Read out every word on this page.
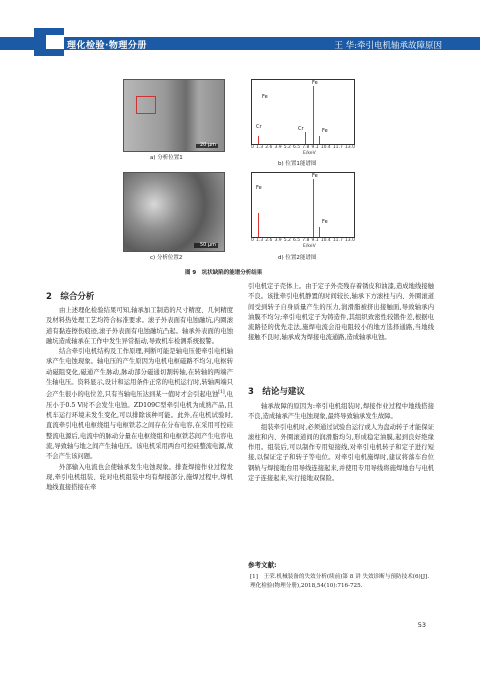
理化检验·物理分册	王 华:牵引电机轴承故障原因
20 μm
a) 分析位置1
Fe
Fe
Cr	Cr	Fe
0 1.3 2.6 3.9 5.2 6.5 7.8 9.1 10.4 11.7 13.0
E/keV
b) 位置1能谱图
50 μm
c) 分析位置2
Fe
Fe
Fe
0 1.3 2.6 3.9 5.2 6.5 7.8 9.1 10.4 11.7 13.0
E/keV
d) 位置2能谱图
图 9　坑状缺陷的能谱分析结果
2　综合分析

由上述理化检验结果可知,轴承加工制造的尺寸精度、几何精度及材料热处理工艺均符合标准要求。滚子外表面有电蚀融坑,内圈滚道有黏连擦伤痕迹,滚子外表面有电蚀融坑凸起。轴承外表面的电蚀融坑造成轴承在工作中发生异常振动,导致机车检测系统报警。

结合牵引电机结构及工作原理,判断可能是轴电压使牵引电机轴承产生电蚀现象。轴电压的产生原因为电机电枢磁路不均匀,电枢转动磁阻变化,磁通产生脉动,脉动部分磁通切割转轴,在转轴的两端产生轴电压。资料显示,设计和运用条件正常的电机运行时,转轴两端只会产生很小的电位差,只有当轴电压达到某一值时才会引起电蚀[1],电压小于0.5 V时不会发生电蚀。ZD109C型牵引电机为成熟产品,且机车运行环境未发生变化,可以排除该种可能。此外,在电机试验时,直流牵引电机电枢绕组与电枢铁芯之间存在分布电容,在采用可控硅整流电源后,电流中的脉动分量在电枢绕组和电枢铁芯间产生电容电流,导致轴与地之间产生轴电压。该电机采用两台可控硅整流电源,故不会产生该问题。

外部输入电流也会使轴承发生电蚀现象。排查焊接作业过程发现,牵引电机组装、轮对电机组装中均有焊接部分,施焊过程中,焊机地线直接搭接在牵

引电机定子壳体上。由于定子外壳残存着锈皮和油漆,造成地线接触不良。该批牵引电机静置的时间较长,轴承下方滚柱与内、外圈滚道间受到转子自身质量产生的压力,润滑脂被挤出接触面,导致轴承内油膜不均匀;牵引电机定子为铸造件,其组织致密性较锻件差,根据电流路径的优先走法,施焊电流会沿电阻较小的地方选择通路,当地线接触不良时,轴承成为焊接电流通路,造成轴承电蚀。

3　结论与建议

轴承故障的原因为:牵引电机组装时,焊接作业过程中地线搭接不良,造成轴承产生电蚀现象,最终导致轴承发生故障。

组装牵引电机时,必须通过试验台运行或人为盘动转子才能保证滚柱和内、外圈滚道间的润滑脂均匀,形成稳定油膜,起到良好绝缘作用。组装后,可以制作专用短接线,对牵引电机转子和定子进行短接,以保证定子和转子等电位。对牵引电机施焊时,建议将落车台位钢轨与焊接地台用导线连接起来,并使用专用导线将施焊地台与电机定子连接起来,实行接地双保险。

参考文献:
[1]　王荣.机械装备的失效分析(续前)第 8 讲 失效诊断与预防技术(6)[J].理化检验(物理分册),2018,54(10):716-725.
53
